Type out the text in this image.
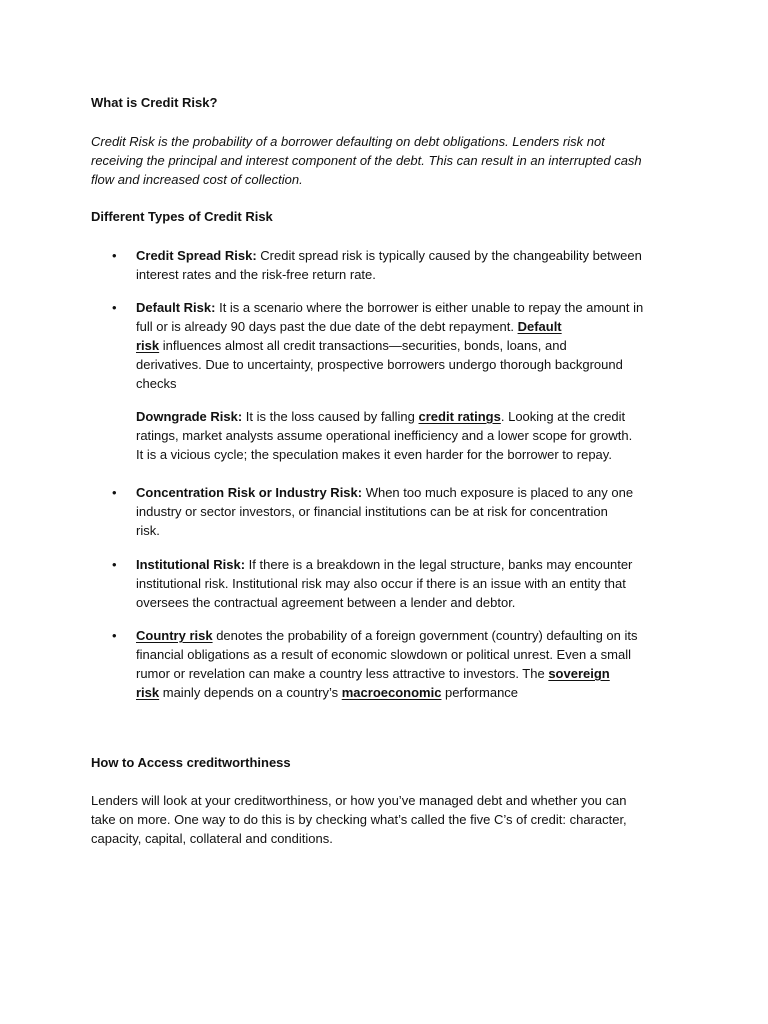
What is Credit Risk?

Credit Risk is the probability of a borrower defaulting on debt obligations. Lenders risk not

receiving the principal and interest component of the debt. This can result in an interrupted cash

flow and increased cost of collection.

Different Types of Credit Risk

• Credit Spread Risk: Credit spread risk is typically caused by the changeability between

interest rates and the risk-free return rate.

• Default Risk: It is a scenario where the borrower is either unable to repay the amount in

full or is already 90 days past the due date of the debt repayment. Default

risk influences almost all credit transactions—securities, bonds, loans, and

derivatives. Due to uncertainty, prospective borrowers undergo thorough background

checks

Downgrade Risk: It is the loss caused by falling credit ratings. Looking at the credit

ratings, market analysts assume operational inefficiency and a lower scope for growth.

It is a vicious cycle; the speculation makes it even harder for the borrower to repay.

• Concentration Risk or Industry Risk: When too much exposure is placed to any one

industry or sector investors, or financial institutions can be at risk for concentration

risk.

• Institutional Risk: If there is a breakdown in the legal structure, banks may encounter

institutional risk. Institutional risk may also occur if there is an issue with an entity that

oversees the contractual agreement between a lender and debtor.

• Country risk denotes the probability of a foreign government (country) defaulting on its

financial obligations as a result of economic slowdown or political unrest. Even a small

rumor or revelation can make a country less attractive to investors. The sovereign

risk mainly depends on a country’s macroeconomic performance

How to Access creditworthiness

Lenders will look at your creditworthiness, or how you’ve managed debt and whether you can

take on more. One way to do this is by checking what’s called the five C’s of credit: character,

capacity, capital, collateral and conditions.
